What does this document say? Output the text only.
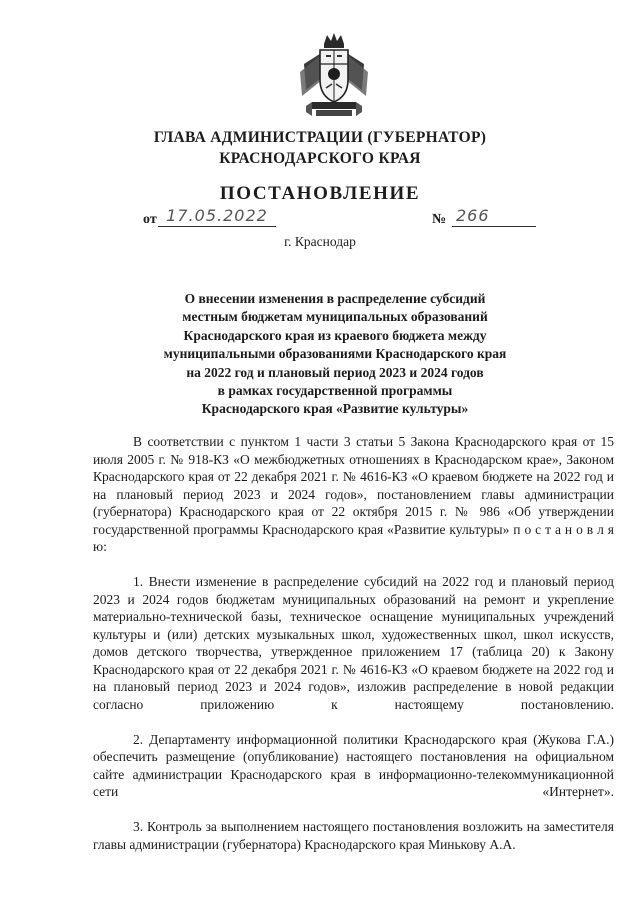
ГЛАВА АДМИНИСТРАЦИИ (ГУБЕРНАТОР)
КРАСНОДАРСКОГО КРАЯ
ПОСТАНОВЛЕНИЕ
от 17.05.2022	№ 266
г. Краснодар
О внесении изменения в распределение субсидий
местным бюджетам муниципальных образований
Краснодарского края из краевого бюджета между
муниципальными образованиями Краснодарского края
на 2022 год и плановый период 2023 и 2024 годов
в рамках государственной программы
Краснодарского края «Развитие культуры»

В соответствии с пунктом 1 части 3 статьи 5 Закона Краснодарского края от 15 июля 2005 г. № 918-КЗ «О межбюджетных отношениях в Краснодарском крае», Законом Краснодарского края от 22 декабря 2021 г. № 4616-КЗ «О краевом бюджете на 2022 год и на плановый период 2023 и 2024 годов», постановлением главы администрации (губернатора) Краснодарского края от 22 октября 2015 г. № 986 «Об утверждении государственной программы Краснодарского края «Развитие культуры» п о с т а н о в л я ю:

1. Внести изменение в распределение субсидий на 2022 год и плановый период 2023 и 2024 годов бюджетам муниципальных образований на ремонт и укрепление материально-технической базы, техническое оснащение муниципальных учреждений культуры и (или) детских музыкальных школ, художественных школ, школ искусств, домов детского творчества, утвержденное приложением 17 (таблица 20) к Закону Краснодарского края от 22 декабря 2021 г. № 4616-КЗ «О краевом бюджете на 2022 год и на плановый период 2023 и 2024 годов», изложив распределение в новой редакции согласно приложению к настоящему постановлению.

2. Департаменту информационной политики Краснодарского края (Жукова Г.А.) обеспечить размещение (опубликование) настоящего постановления на официальном сайте администрации Краснодарского края в информационно-телекоммуникационной сети «Интернет».

3. Контроль за выполнением настоящего постановления возложить на заместителя главы администрации (губернатора) Краснодарского края Минькову А.А.
